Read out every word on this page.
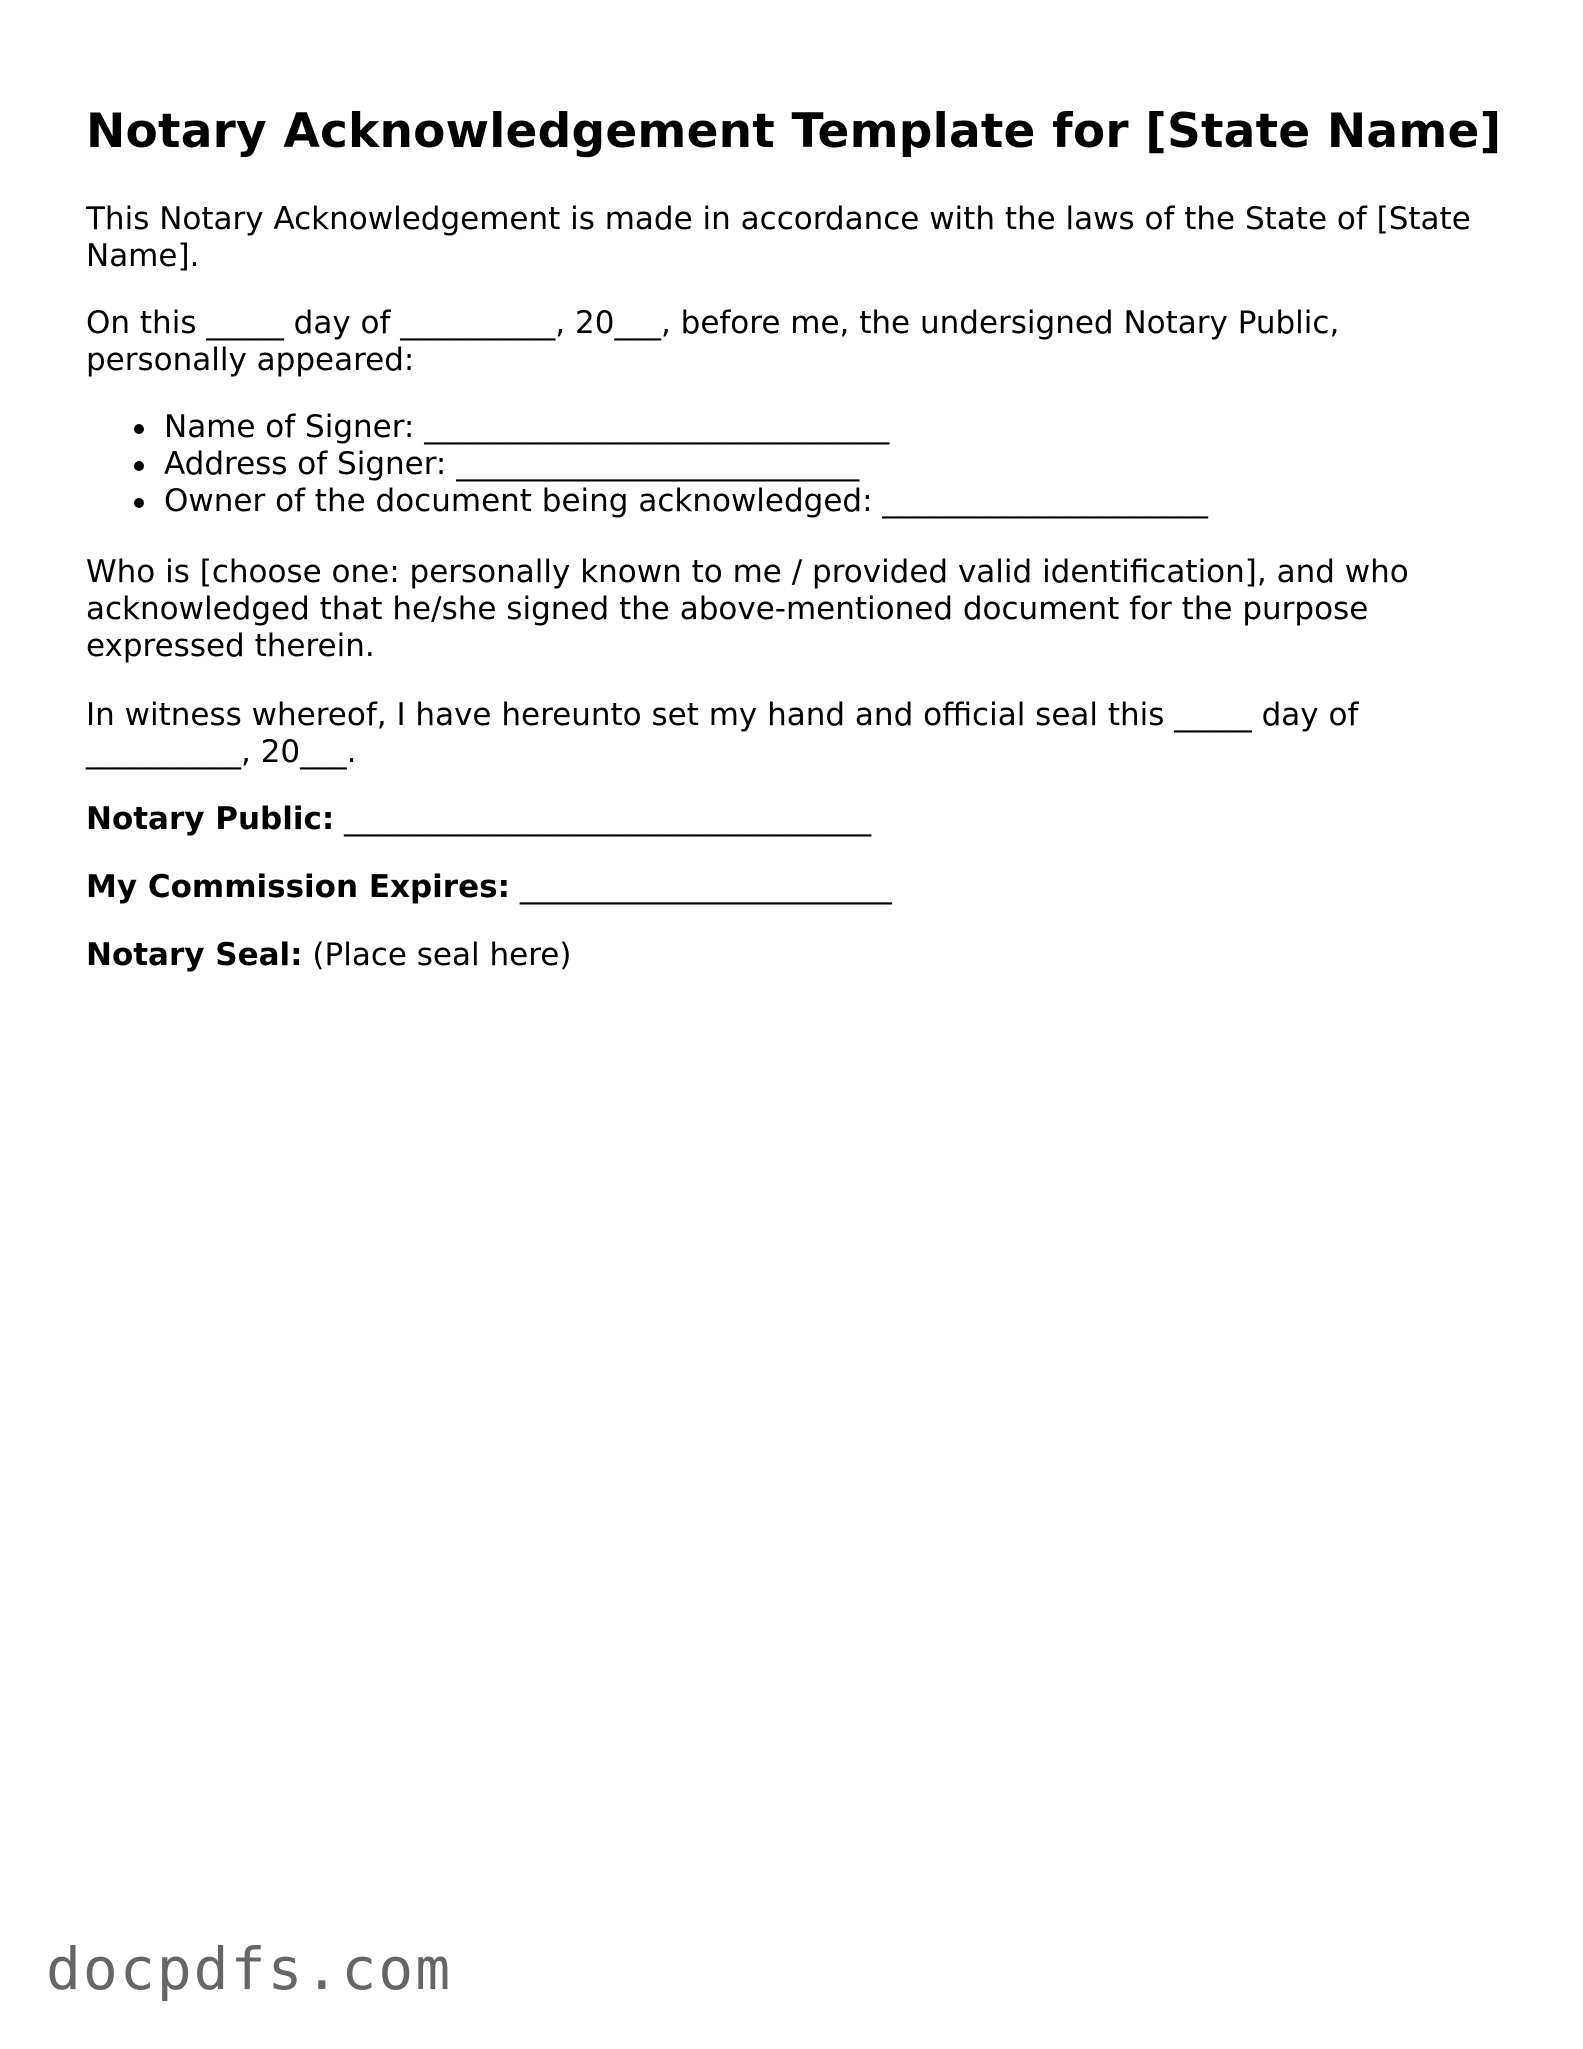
Notary Acknowledgement Template for [State Name]

This Notary Acknowledgement is made in accordance with the laws of the State of [State Name].

On this _____ day of __________, 20___, before me, the undersigned Notary Public, personally appeared:

Name of Signer: ______________________________
Address of Signer: __________________________
Owner of the document being acknowledged: _____________________

Who is [choose one: personally known to me / provided valid identification], and who acknowledged that he/she signed the above-mentioned document for the purpose expressed therein.

In witness whereof, I have hereunto set my hand and official seal this _____ day of __________, 20___.

Notary Public: __________________________________

My Commission Expires: ________________________

Notary Seal: (Place seal here)

docpdfs.com
